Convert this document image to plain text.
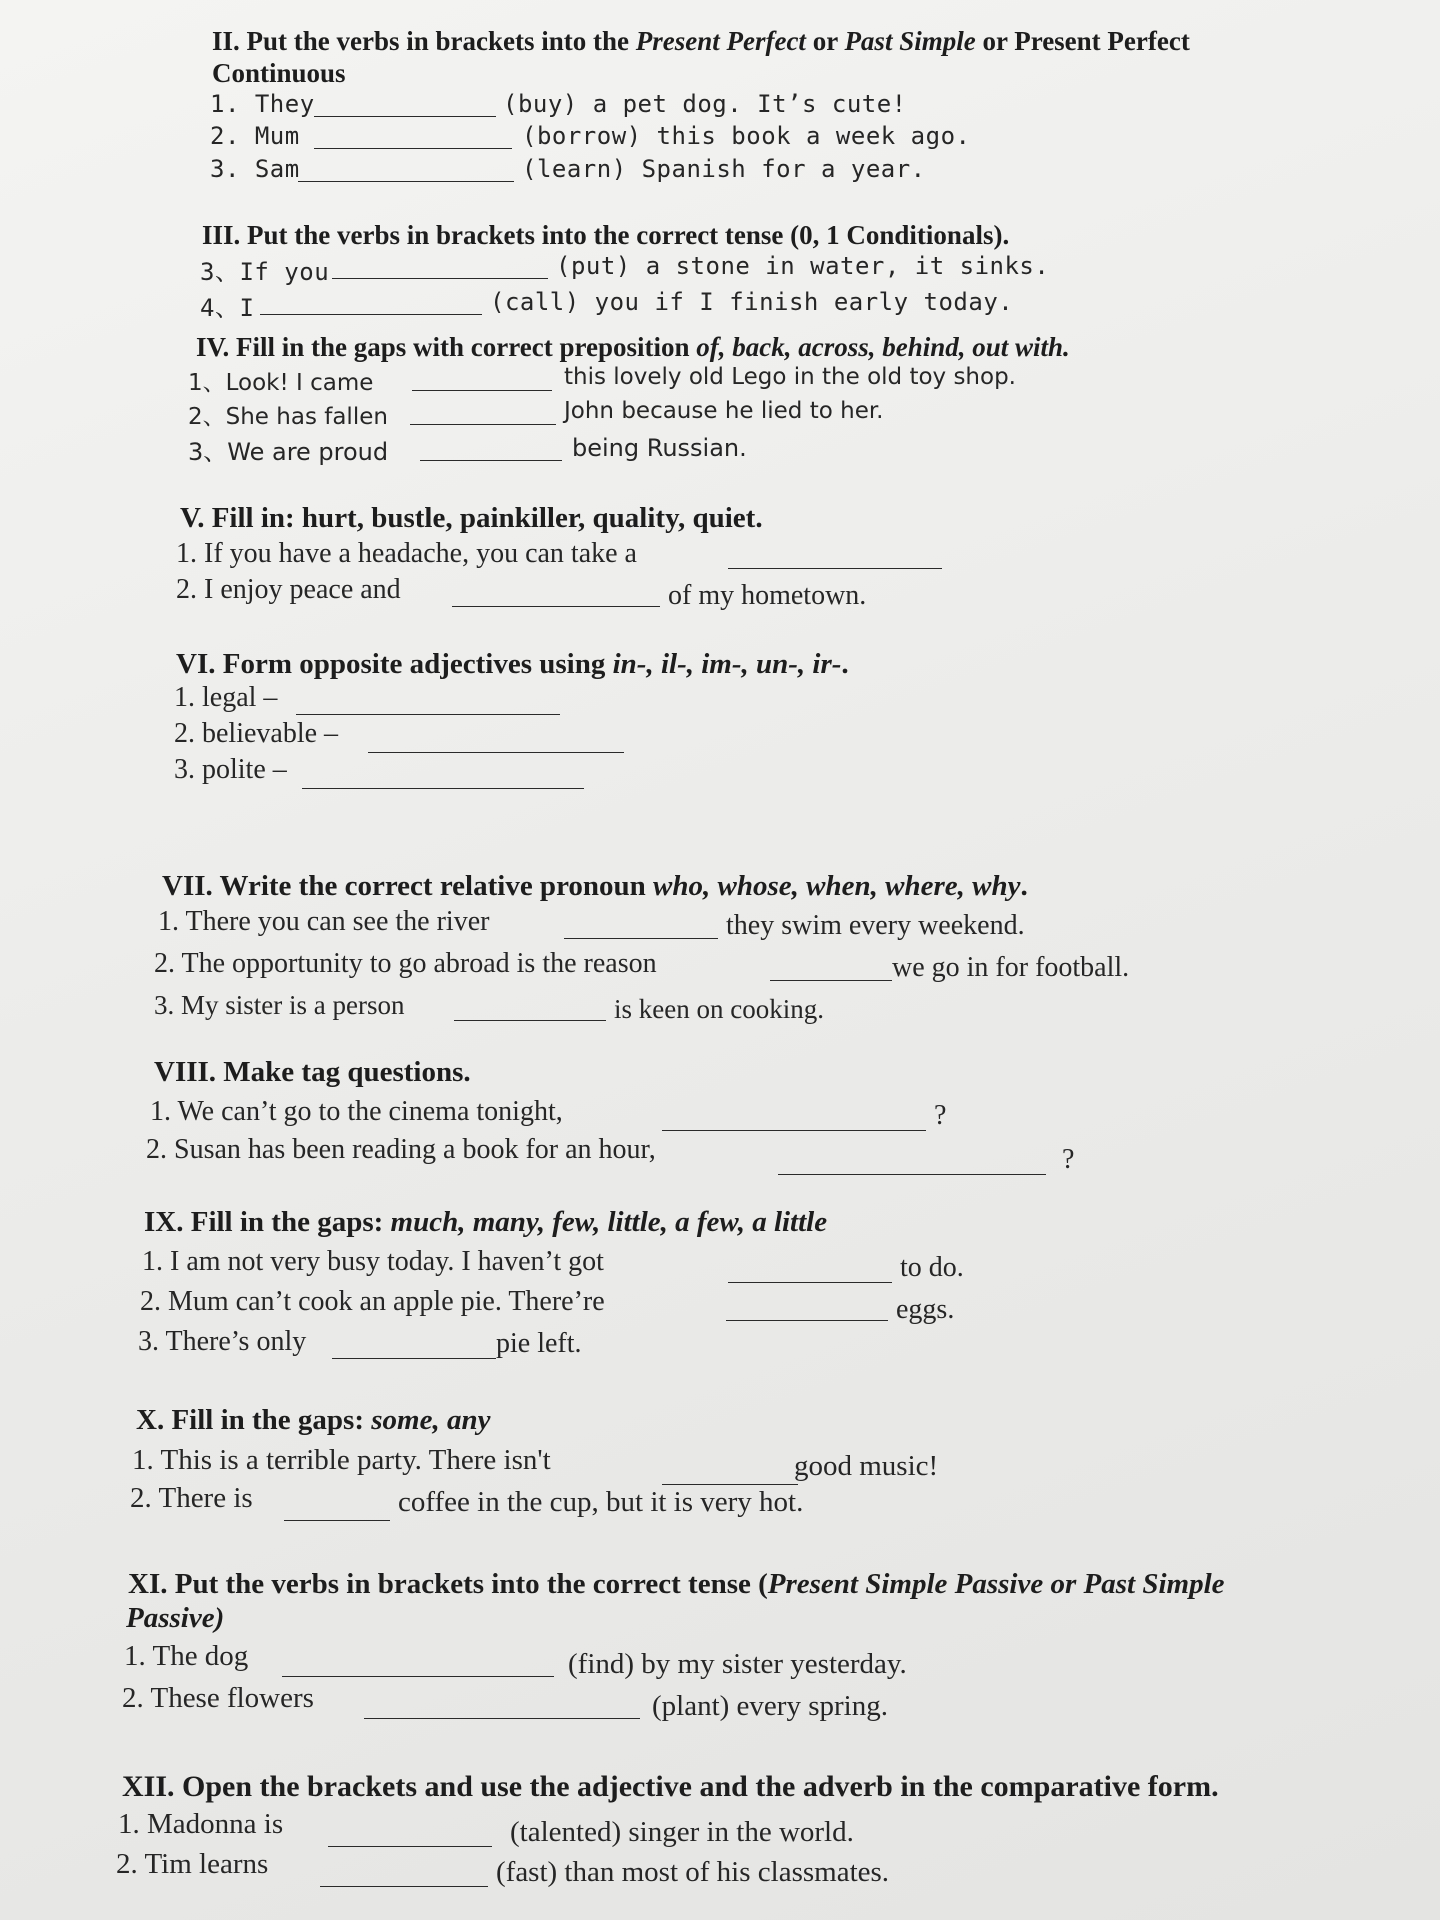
II. Put the verbs in brackets into the Present Perfect or Past Simple or Present Perfect
Continuous
1. They	(buy) a pet dog. It’s cute!
2. Mum	(borrow) this book a week ago.
3. Sam	(learn) Spanish for a year.
III. Put the verbs in brackets into the correct tense (0, 1 Conditionals).
3、If you	(put) a stone in water, it sinks.
4、I	(call) you if I finish early today.
IV. Fill in the gaps with correct preposition of, back, across, behind, out with.
1、Look! I came	this lovely old Lego in the old toy shop.
2、She has fallen	John because he lied to her.
3、We are proud	being Russian.
V. Fill in: hurt, bustle, painkiller, quality, quiet.
1. If you have a headache, you can take a
2. I enjoy peace and	of my hometown.
VI. Form opposite adjectives using in-, il-, im-, un-, ir-.
1. legal –
2. believable –
3. polite –
VII. Write the correct relative pronoun who, whose, when, where, why.
1. There you can see the river	they swim every weekend.
2. The opportunity to go abroad is the reason	we go in for football.
3. My sister is a person	is keen on cooking.
VIII. Make tag questions.
1. We can’t go to the cinema tonight,	?
2. Susan has been reading a book for an hour,	?
IX. Fill in the gaps: much, many, few, little, a few, a little
1. I am not very busy today. I haven’t got	to do.
2. Mum can’t cook an apple pie. There’re	eggs.
3. There’s only	pie left.
X. Fill in the gaps: some, any
1. This is a terrible party. There isn't	good music!
2. There is	coffee in the cup, but it is very hot.
XI. Put the verbs in brackets into the correct tense (Present Simple Passive or Past Simple
Passive)
1. The dog	(find) by my sister yesterday.
2. These flowers	(plant) every spring.
XII. Open the brackets and use the adjective and the adverb in the comparative form.
1. Madonna is	(talented) singer in the world.
2. Tim learns	(fast) than most of his classmates.
